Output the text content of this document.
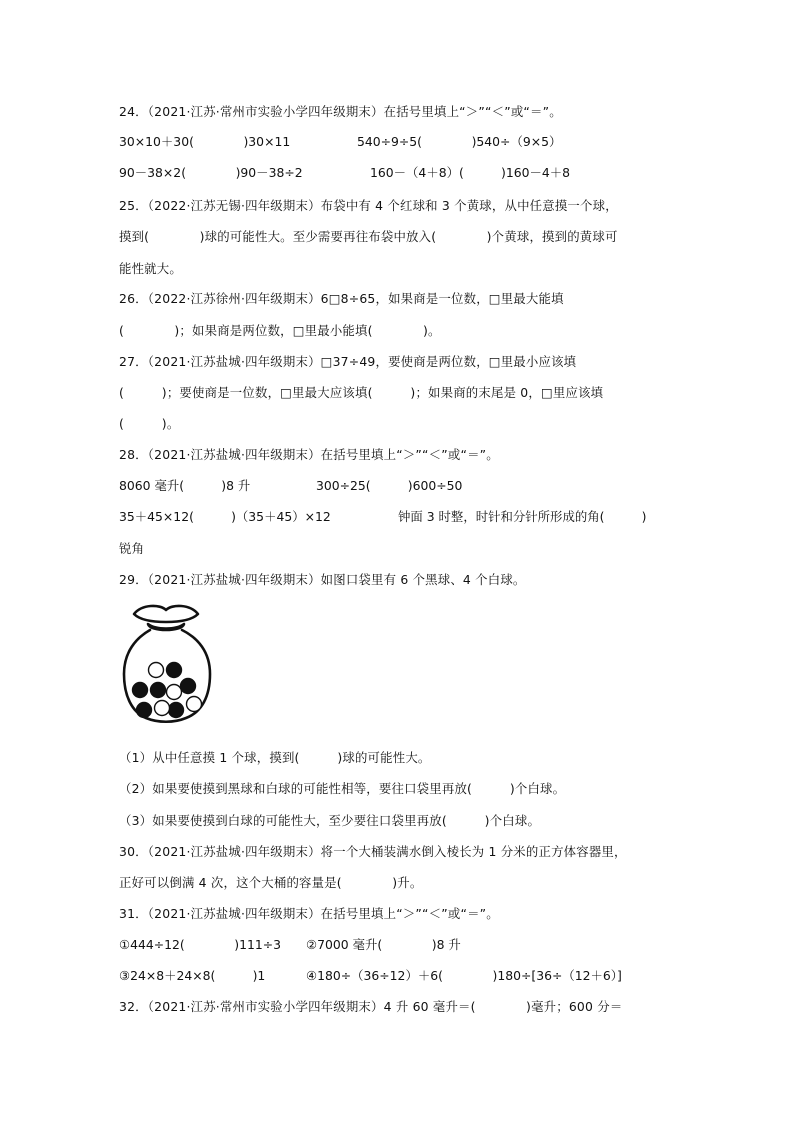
24．（2021·江苏·常州市实验小学四年级期末）在括号里填上“＞”“＜”或“＝”。
30×10＋30(　　　　)30×11	540÷9÷5(　　　　)540÷（9×5）
90－38×2(　　　　)90－38÷2	160－（4＋8）(　　　)160－4＋8
25．（2022·江苏无锡·四年级期末）布袋中有 4 个红球和 3 个黄球，从中任意摸一个球，
摸到(　　　　)球的可能性大。至少需要再往布袋中放入(　　　　)个黄球，摸到的黄球可
能性就大。
26．（2022·江苏徐州·四年级期末）6□8÷65，如果商是一位数，□里最大能填
(　　　　)；如果商是两位数，□里最小能填(　　　　)。
27．（2021·江苏盐城·四年级期末）□37÷49，要使商是两位数，□里最小应该填
(　　　)；要使商是一位数，□里最大应该填(　　　)；如果商的末尾是 0，□里应该填
(　　　)。
28．（2021·江苏盐城·四年级期末）在括号里填上“＞”“＜”或“＝”。
8060 毫升(　　　)8 升	300÷25(　　　)600÷50
35＋45×12(　　　)（35＋45）×12	钟面 3 时整，时针和分针所形成的角(　　　)
锐角
29．（2021·江苏盐城·四年级期末）如图口袋里有 6 个黑球、4 个白球。
（1）从中任意摸 1 个球，摸到(　　　)球的可能性大。
（2）如果要使摸到黑球和白球的可能性相等，要往口袋里再放(　　　)个白球。
（3）如果要使摸到白球的可能性大，至少要往口袋里再放(　　　)个白球。
30．（2021·江苏盐城·四年级期末）将一个大桶装满水倒入棱长为 1 分米的正方体容器里，
正好可以倒满 4 次，这个大桶的容量是(　　　　)升。
31．（2021·江苏盐城·四年级期末）在括号里填上“＞”“＜”或“＝”。
①444÷12(　　　　)111÷3 ②7000 毫升(　　　　)8 升
③24×8＋24×8(　　　)1	④180÷（36÷12）＋6(　　　　)180÷[36÷（12＋6）]
32．（2021·江苏·常州市实验小学四年级期末）4 升 60 毫升＝(　　　　)毫升；600 分＝
